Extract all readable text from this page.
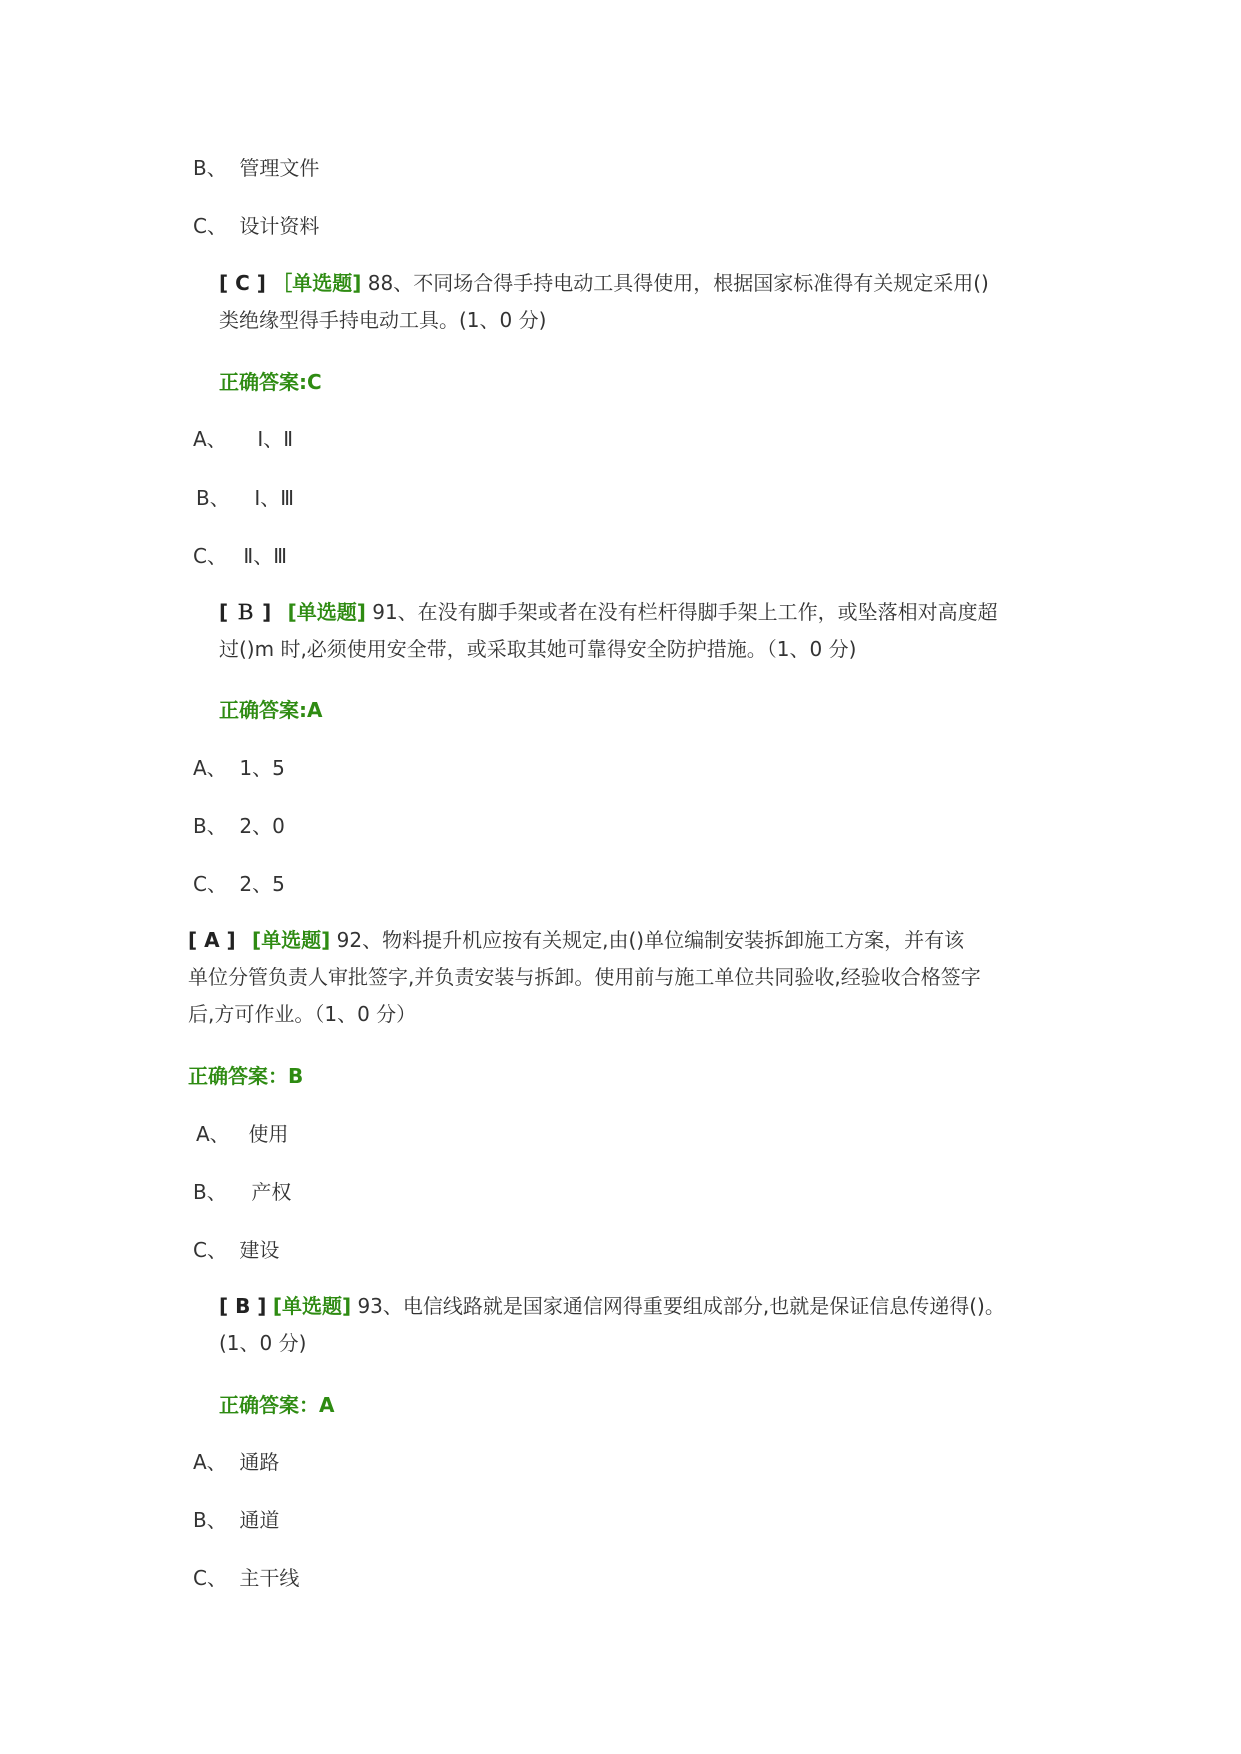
B、 管理文件
C、 设计资料
[ C ] ［单选题] 88、不同场合得手持电动工具得使用，根据国家标准得有关规定采用()
类绝缘型得手持电动工具。(1、0 分)
正确答案:C
A、 Ⅰ、Ⅱ
B、 Ⅰ、Ⅲ
C、 Ⅱ、Ⅲ
[ Ｂ ] [单选题] 91、在没有脚手架或者在没有栏杆得脚手架上工作，或坠落相对高度超
过()m 时,必须使用安全带，或采取其她可靠得安全防护措施。（1、0 分)
正确答案:A
A、 1、5
B、 2、0
C、 2、5
[ A ] [单选题] 92、物料提升机应按有关规定,由()单位编制安装拆卸施工方案，并有该
单位分管负责人审批签字,并负责安装与拆卸。使用前与施工单位共同验收,经验收合格签字
后,方可作业。（1、0 分）
正确答案：B
A、 使用
B、 产权
C、 建设
[ B ] [单选题] 93、电信线路就是国家通信网得重要组成部分,也就是保证信息传递得()。
(1、0 分)
正确答案：A
A、 通路
B、 通道
C、 主干线
